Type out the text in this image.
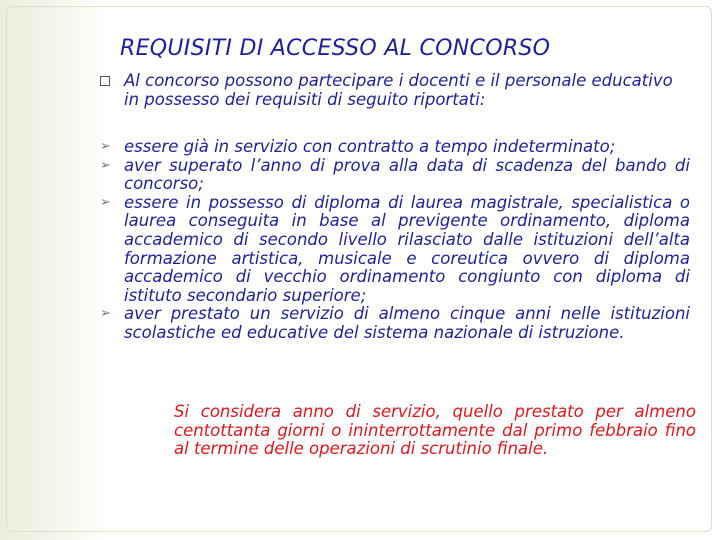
REQUISITI DI ACCESSO AL CONCORSO
Al concorso possono partecipare i docenti e il personale educativo in possesso dei requisiti di seguito riportati:

➢ essere già in servizio con contratto a tempo indeterminato;

➢ aver superato l’anno di prova alla data di scadenza del bando di concorso;

➢ essere in possesso di diploma di laurea magistrale, specialistica o laurea conseguita in base al previgente ordinamento, diploma accademico di secondo livello rilasciato dalle istituzioni dell’alta formazione artistica, musicale e coreutica ovvero di diploma accademico di vecchio ordinamento congiunto con diploma di istituto secondario superiore;

➢ aver prestato un servizio di almeno cinque anni nelle istituzioni scolastiche ed educative del sistema nazionale di istruzione.

Si considera anno di servizio, quello prestato per almeno centottanta giorni o ininterrottamente dal primo febbraio fino al termine delle operazioni di scrutinio finale.
